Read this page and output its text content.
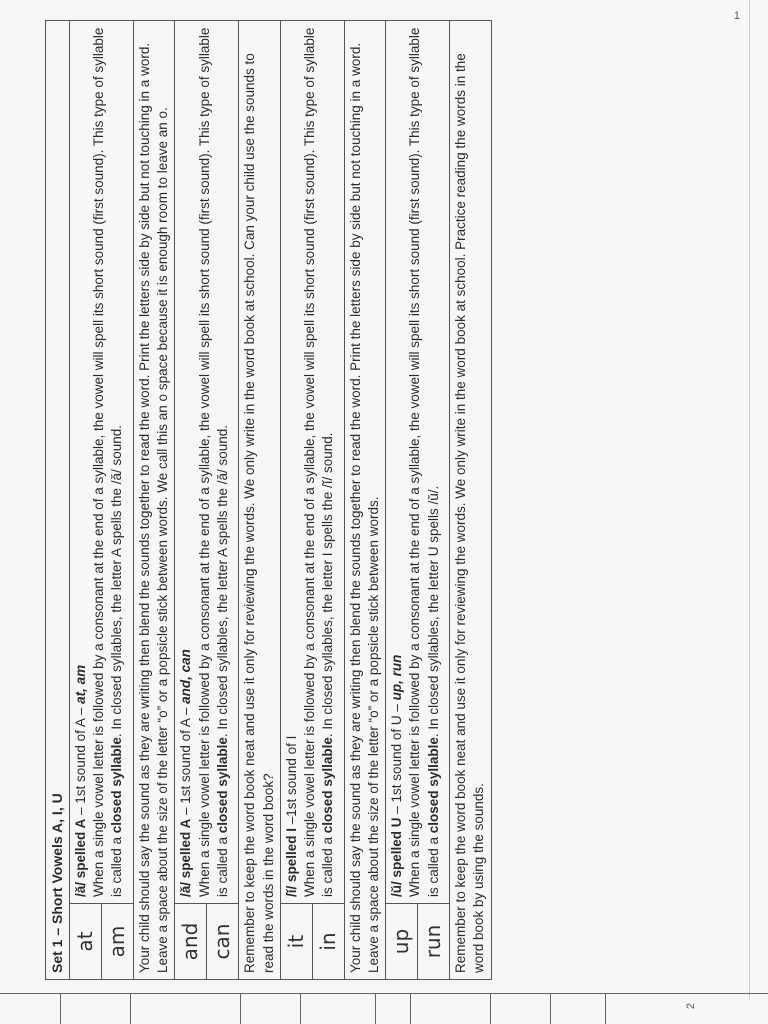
1
2
Set 1 – Short Vowels A, I, U	
at	/ă/ spelled A – 1st sound of A – at, am When a single vowel letter is followed by a consonant at the end of a syllable, the vowel will spell its short sound (first sound). This type of syllable is called a closed syllable. In closed syllables, the letter A spells the /ă/ sound.
am	
Your child should say the sound as they are writing then blend the sounds together to read the word. Print the letters side by side but not touching in a word. Leave a space about the size of the letter “o” or a popsicle stick between words. We call this an o space because it is enough room to leave an o.	
and	/ă/ spelled A – 1st sound of A – and, can When a single vowel letter is followed by a consonant at the end of a syllable, the vowel will spell its short sound (first sound). This type of syllable is called a closed syllable. In closed syllables, the letter A spells the /ă/ sound.
can	
Remember to keep the word book neat and use it only for reviewing the words. We only write in the word book at school. Can your child use the sounds to read the words in the word book?	
it	/ĭ/ spelled I –1st sound of I When a single vowel letter is followed by a consonant at the end of a syllable, the vowel will spell its short sound (first sound). This type of syllable is called a closed syllable. In closed syllables, the letter I spells the /ĭ/ sound.
in	
Your child should say the sound as they are writing then blend the sounds together to read the word. Print the letters side by side but not touching in a word. Leave a space about the size of the letter “o” or a popsicle stick between words.	
up	/ŭ/ spelled U – 1st sound of U – up, run When a single vowel letter is followed by a consonant at the end of a syllable, the vowel will spell its short sound (first sound). This type of syllable is called a closed syllable. In closed syllables, the letter U spells /ŭ/.
run	
Remember to keep the word book neat and use it only for reviewing the words. We only write in the word book at school. Practice reading the words in the word book by using the sounds.	
